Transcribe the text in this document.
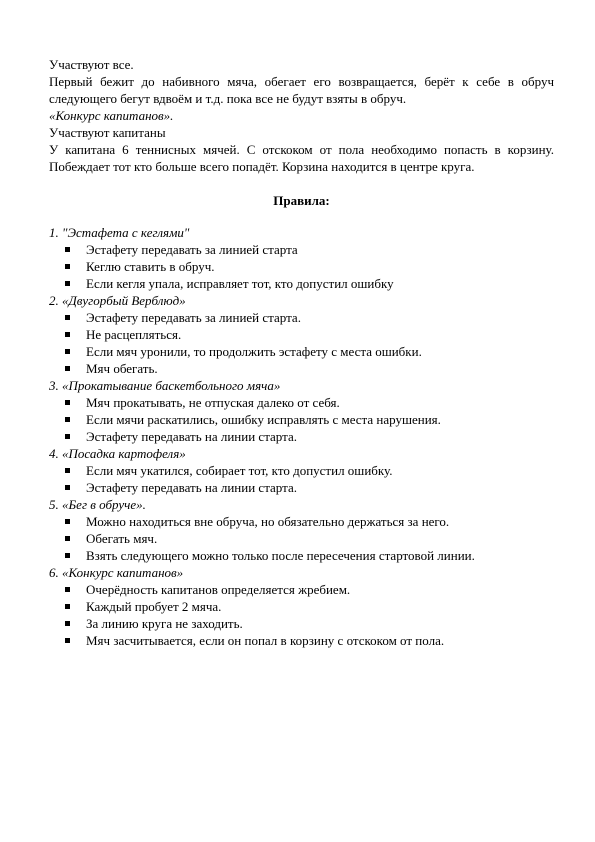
Участвуют все.

Первый бежит до набивного мяча, обегает его возвращается, берёт к себе в обруч следующего бегут вдвоём и т.д. пока все не будут взяты в обруч.

«Конкурс капитанов».

Участвуют капитаны

У капитана 6 теннисных мячей. С отскоком от пола необходимо попасть в корзину. Побеждает тот кто больше всего попадёт. Корзина находится в центре круга.

Правила:

1. "Эстафета с кеглями"

Эстафету передавать за линией старта
Кеглю ставить в обруч.
Если кегля упала, исправляет тот, кто допустил ошибку

2. «Двугорбый Верблюд»

Эстафету передавать за линией старта.
Не расцепляться.
Если мяч уронили, то продолжить эстафету с места ошибки.
Мяч обегать.

3. «Прокатывание баскетбольного мяча»

Мяч прокатывать, не отпуская далеко от себя.
Если мячи раскатились, ошибку исправлять с места нарушения.
Эстафету передавать на линии старта.

4. «Посадка картофеля»

Если мяч укатился, собирает тот, кто допустил ошибку.
Эстафету передавать на линии старта.

5. «Бег в обруче».

Можно находиться вне обруча, но обязательно держаться за него.
Обегать мяч.
Взять следующего можно только после пересечения стартовой линии.

6. «Конкурс капитанов»

Очерёдность капитанов определяется жребием.
Каждый пробует 2 мяча.
За линию круга не заходить.
Мяч засчитывается, если он попал в корзину с отскоком от пола.
